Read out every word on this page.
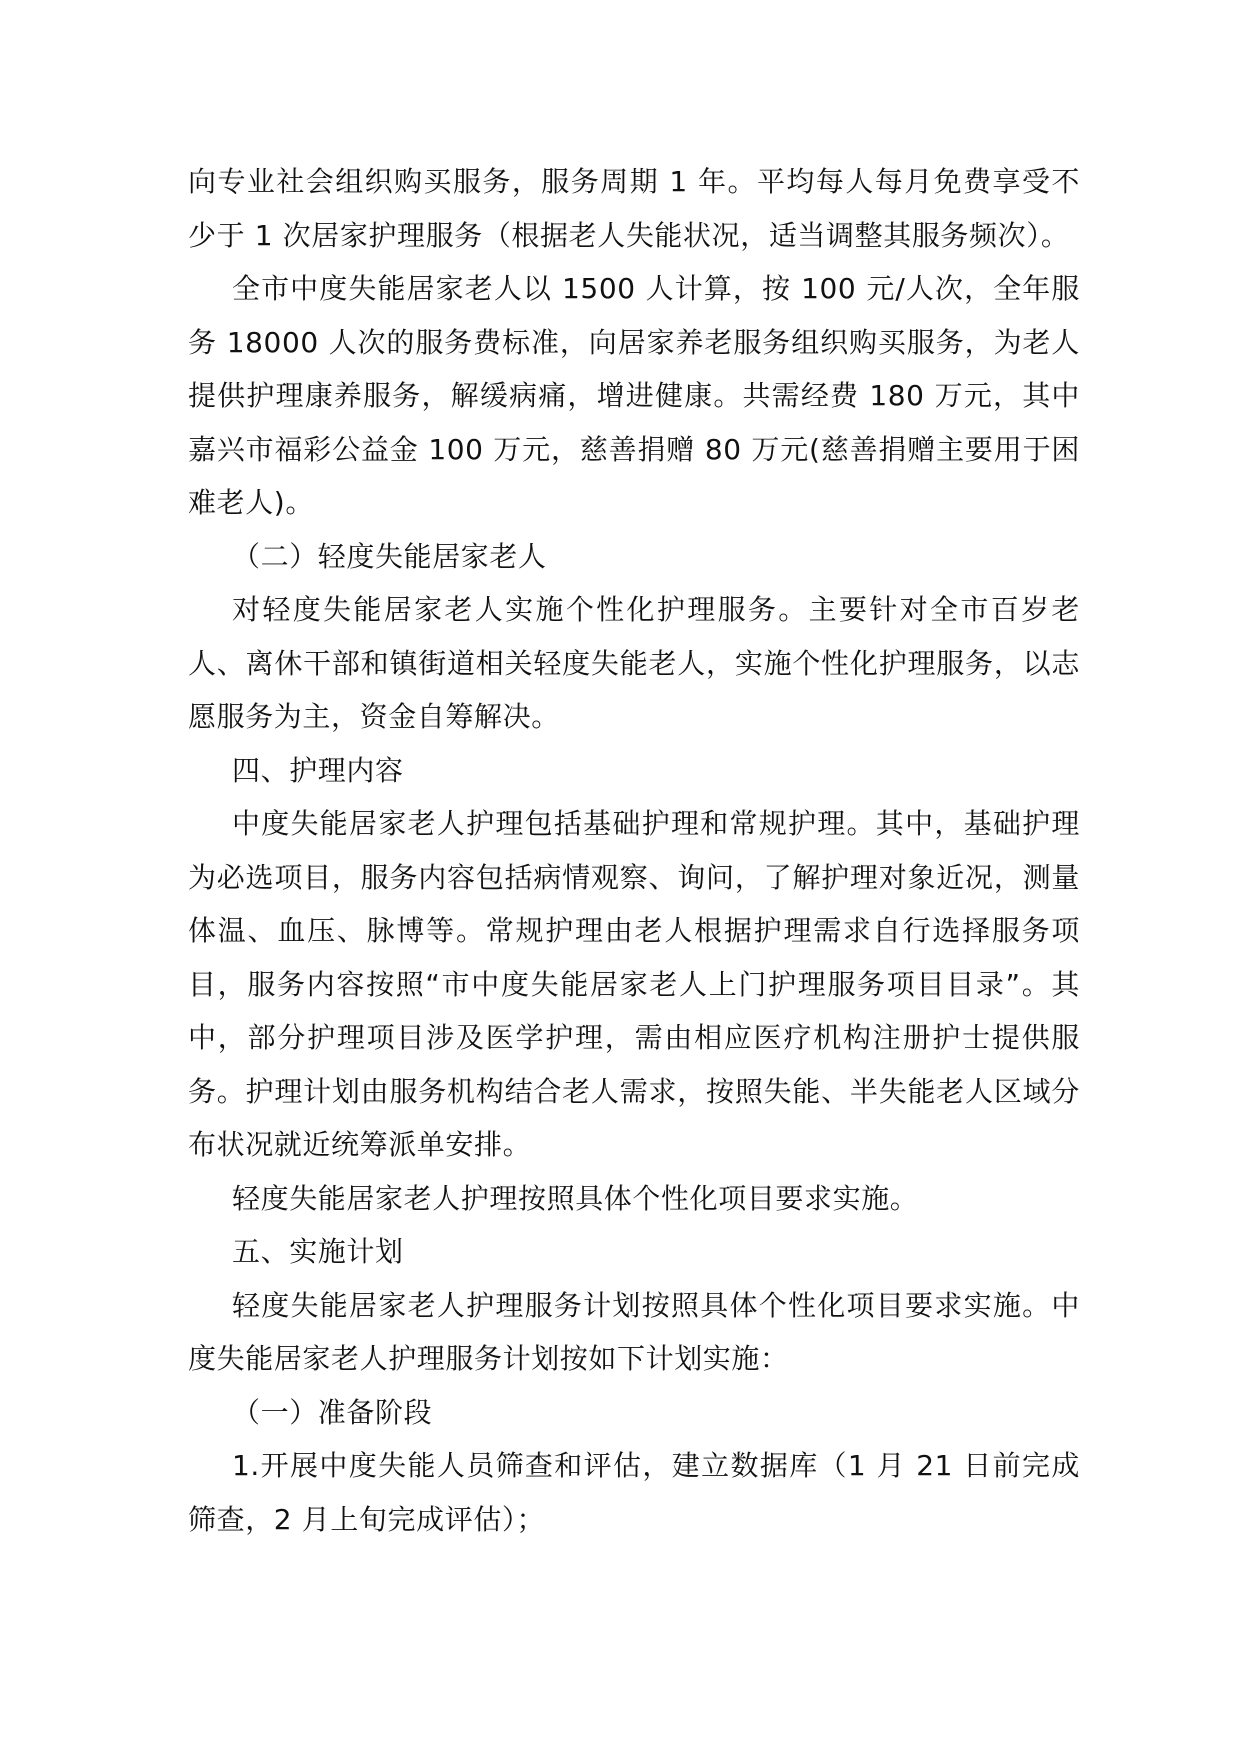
向专业社会组织购买服务，服务周期 1 年。平均每人每月免费享受不少于 1 次居家护理服务（根据老人失能状况，适当调整其服务频次）。

全市中度失能居家老人以 1500 人计算，按 100 元/人次，全年服务 18000 人次的服务费标准，向居家养老服务组织购买服务，为老人提供护理康养服务，解缓病痛，增进健康。共需经费 180 万元，其中嘉兴市福彩公益金 100 万元，慈善捐赠 80 万元(慈善捐赠主要用于困难老人)。

（二）轻度失能居家老人

对轻度失能居家老人实施个性化护理服务。主要针对全市百岁老人、离休干部和镇街道相关轻度失能老人，实施个性化护理服务，以志愿服务为主，资金自筹解决。

四、护理内容

中度失能居家老人护理包括基础护理和常规护理。其中，基础护理为必选项目，服务内容包括病情观察、询问，了解护理对象近况，测量体温、血压、脉博等。常规护理由老人根据护理需求自行选择服务项目，服务内容按照“市中度失能居家老人上门护理服务项目目录”。其中，部分护理项目涉及医学护理，需由相应医疗机构注册护士提供服务。护理计划由服务机构结合老人需求，按照失能、半失能老人区域分布状况就近统筹派单安排。

轻度失能居家老人护理按照具体个性化项目要求实施。

五、实施计划

轻度失能居家老人护理服务计划按照具体个性化项目要求实施。中度失能居家老人护理服务计划按如下计划实施：

（一）准备阶段

1.开展中度失能人员筛查和评估，建立数据库（1 月 21 日前完成筛查，2 月上旬完成评估）；
